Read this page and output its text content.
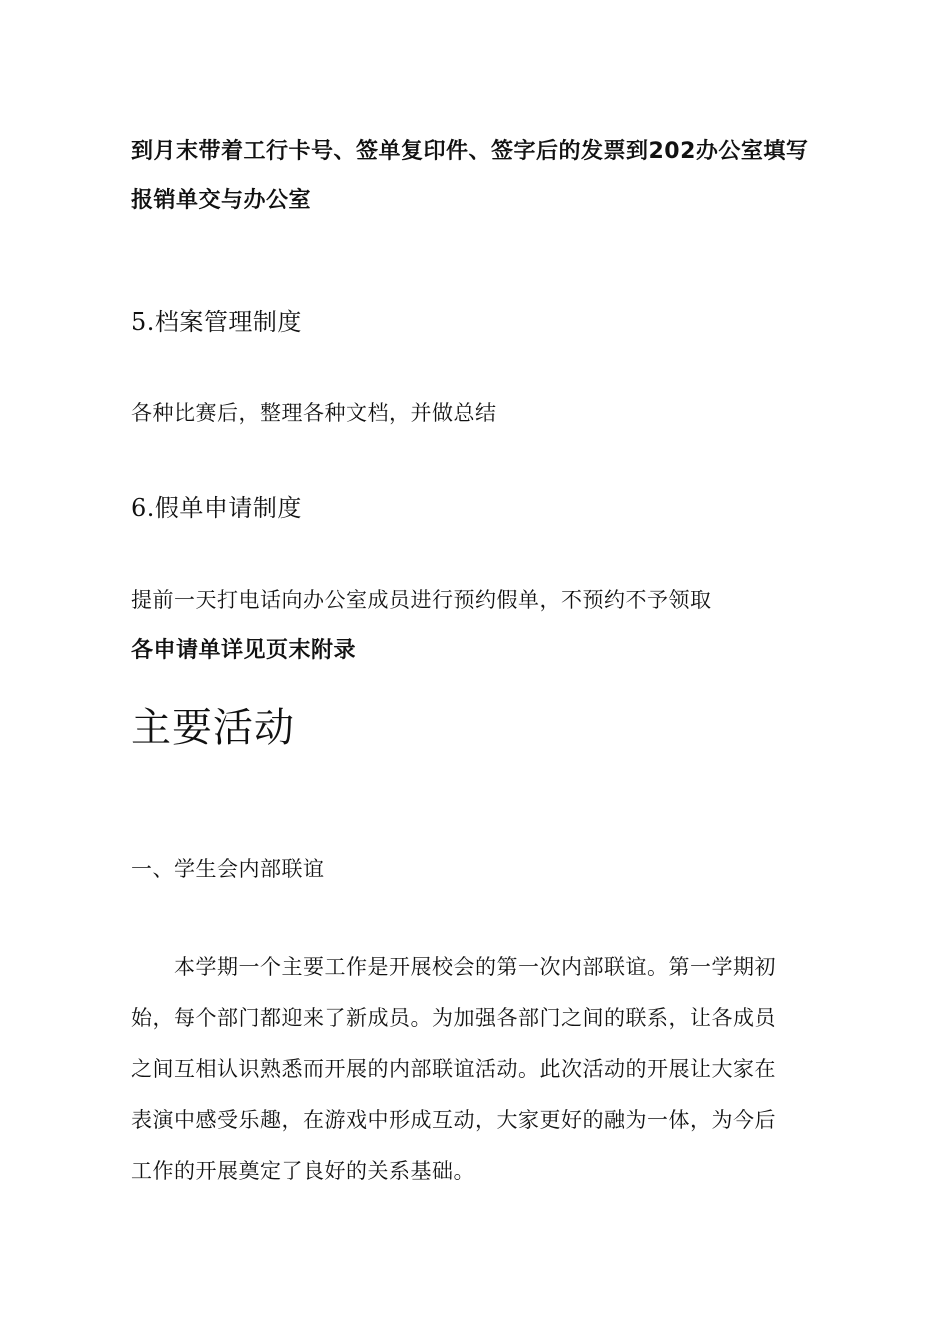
到月末带着工行卡号、签单复印件、签字后的发票到202办公室填写

报销单交与办公室

5.档案管理制度

各种比赛后，整理各种文档，并做总结

6.假单申请制度

提前一天打电话向办公室成员进行预约假单，不预约不予领取

各申请单详见页末附录

主要活动

一、学生会内部联谊

　　本学期一个主要工作是开展校会的第一次内部联谊。第一学期初
始，每个部门都迎来了新成员。为加强各部门之间的联系，让各成员
之间互相认识熟悉而开展的内部联谊活动。此次活动的开展让大家在
表演中感受乐趣，在游戏中形成互动，大家更好的融为一体，为今后
工作的开展奠定了良好的关系基础。
